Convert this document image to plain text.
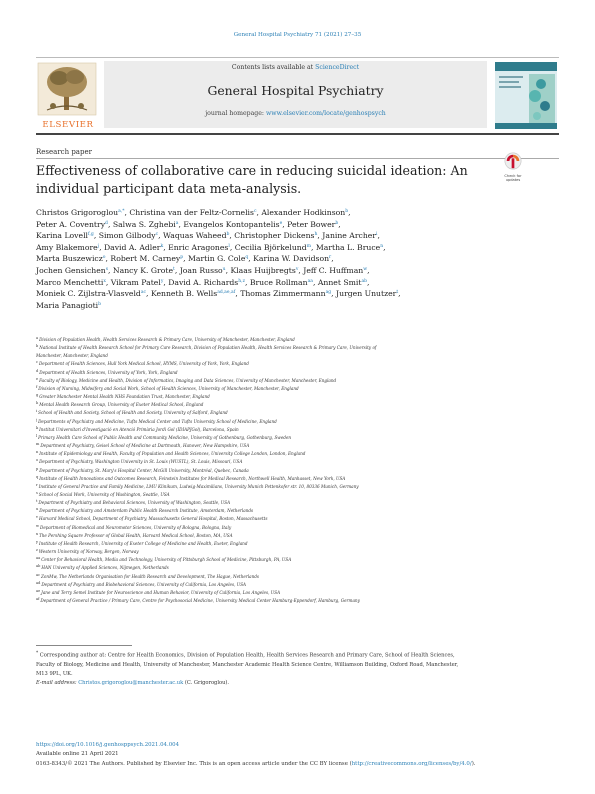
General Hospital Psychiatry 71 (2021) 27–35
ELSEVIER
Contents lists available at ScienceDirect
General Hospital Psychiatry
journal homepage: www.elsevier.com/locate/genhospsych
Research paper
Effectiveness of collaborative care in reducing suicidal ideation: An individual participant data meta-analysis.
Check for
updates
Christos Grigoroglou$^{a,*}$, Christina van der Feltz-Cornelis$^c$, Alexander Hodkinson$^b$,
Peter A. Coventry$^d$, Salwa S. Zghebi$^a$, Evangelos Kontopantelis$^e$, Peter Bower$^b$,
Karina Lovell$^{f,g}$, Simon Gilbody$^c$, Waquas Waheed$^b$, Christopher Dickens$^h$, Janine Archer$^i$,
Amy Blakemore$^j$, David A. Adler$^k$, Enric Aragones$^l$, Cecilia Björkelund$^m$, Martha L. Bruce$^n$,
Marta Buszewicz$^o$, Robert M. Carney$^p$, Martin G. Cole$^q$, Karina W. Davidson$^r$,
Jochen Gensichen$^s$, Nancy K. Grote$^t$, Joan Russo$^u$, Klaas Huijbregts$^v$, Jeff C. Huffman$^w$,
Marco Menchetti$^x$, Vikram Patel$^y$, David A. Richards$^{h,z}$, Bruce Rollman$^{aa}$, Annet Smit$^{ab}$,
Moniek C. Zijlstra-Vlasveld$^{ac}$, Kenneth B. Wells$^{ad,ae,af}$, Thomas Zimmermann$^{ag}$, Jurgen Unutzer$^t$,
Maria Panagioti$^b$
$^a$Division of Population Health, Health Services Research & Primary Care, University of Manchester, Manchester, England
$^b$National Institute of Health Research School for Primary Care Research, Division of Population Health, Health Services Research & Primary Care, University of
Manchester, Manchester, England
$^c$Department of Health Sciences, Hull York Medical School, HYMS, University of York, York, England
$^d$Department of Health Sciences, University of York, York, England
$^e$Faculty of Biology, Medicine and Health, Division of Informatics, Imaging and Data Sciences, University of Manchester, Manchester, England
$^f$Division of Nursing, Midwifery and Social Work, School of Health Sciences, University of Manchester, Manchester, England
$^g$Greater Manchester Mental Health NHS Foundation Trust, Manchester, England
$^h$Mental Health Research Group, University of Exeter Medical School, England
$^i$School of Health and Society, School of Health and Society, University of Salford, England
$^j$Departments of Psychiatry and Medicine, Tufts Medical Center and Tufts University School of Medicine, England
$^k$Institut Universitari d'Investigació en Atenció Primària Jordi Gol (IDIAPJGol), Barcelona, Spain
$^l$Primary Health Care School of Public Health and Community Medicine, University of Gothenburg, Gothenburg, Sweden
$^m$Department of Psychiatry, Geisel School of Medicine at Dartmouth, Hanover, New Hampshire, USA
$^n$Institute of Epidemiology and Health, Faculty of Population and Health Sciences, University College London, London, England
$^o$Department of Psychiatry, Washington University in St. Louis (WUSTL), St. Louis, Missouri, USA
$^p$Department of Psychiatry, St. Mary's Hospital Center, McGill University, Montréal, Quebec, Canada
$^q$Institute of Health Innovations and Outcomes Research, Feinstein Institutes for Medical Research, Northwell Health, Manhasset, New York, USA
$^r$Institute of General Practice and Family Medicine, LMU Klinikum, Ludwig-Maximilians, University Munich Pettenkofer str. 10, 80336 Munich, Germany
$^s$School of Social Work, University of Washington, Seattle, USA
$^t$Department of Psychiatry and Behavioral Sciences, University of Washington, Seattle, USA
$^u$Department of Psychiatry and Amsterdam Public Health Research Institute, Amsterdam, Netherlands
$^v$Harvard Medical School, Department of Psychiatry, Massachusetts General Hospital, Boston, Massachusetts
$^w$Department of Biomedical and Neuromotor Sciences, University of Bologna, Bologna, Italy
$^x$The Pershing Square Professor of Global Health, Harvard Medical School, Boston, MA, USA
$^y$Institute of Health Research, University of Exeter College of Medicine and Health, Exeter, England
$^z$Western University of Norway, Bergen, Norway
$^{aa}$Center for Behavioral Health, Media and Technology, University of Pittsburgh School of Medicine, Pittsburgh, PA, USA
$^{ab}$HAN University of Applied Sciences, Nijmegen, Netherlands
$^{ac}$ZonMw, The Netherlands Organisation for Health Research and Development, The Hague, Netherlands
$^{ad}$Department of Psychiatry and Biobehavioral Sciences, University of California, Los Angeles, USA
$^{ae}$Jane and Terry Semel Institute for Neuroscience and Human Behavior, University of California, Los Angeles, USA
$^{af}$Department of General Practice / Primary Care, Centre for Psychosocial Medicine, University Medical Center Hamburg-Eppendorf, Hamburg, Germany
* Corresponding author at: Centre for Health Economics, Division of Population Health, Health Services Research and Primary Care, School of Health Sciences,
Faculty of Biology, Medicine and Health, University of Manchester, Manchester Academic Health Science Centre, Williamson Building, Oxford Road, Manchester,
M13 9PL, UK.
E-mail address: Christos.grigoroglou@manchester.ac.uk (C. Grigoroglou).
https://doi.org/10.1016/j.genhosppsych.2021.04.004
Available online 21 April 2021
0163-8343/© 2021 The Authors. Published by Elsevier Inc. This is an open access article under the CC BY license (http://creativecommons.org/licenses/by/4.0/).
